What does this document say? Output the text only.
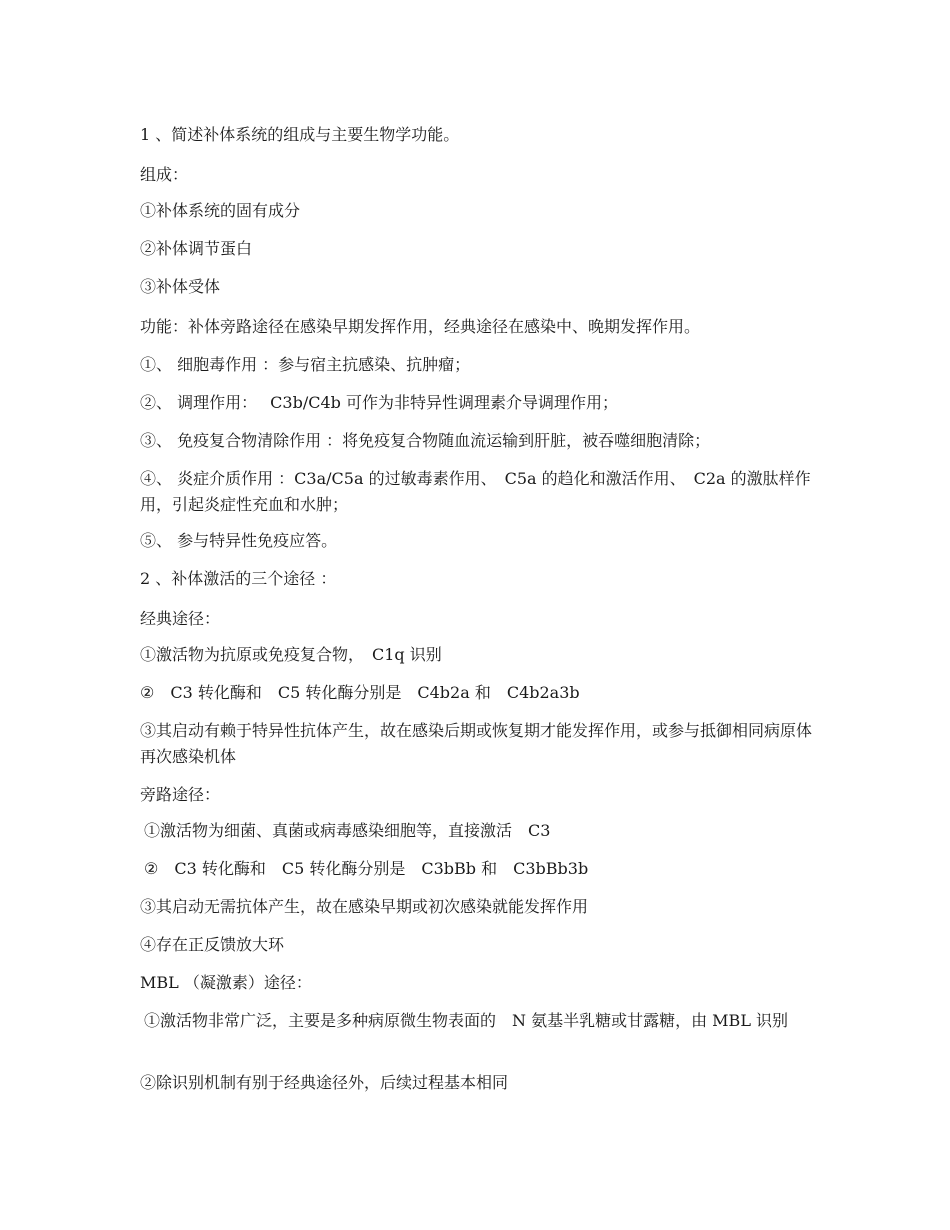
1 、简述补体系统的组成与主要生物学功能。
组成：
①补体系统的固有成分
②补体调节蛋白
③补体受体
功能：补体旁路途径在感染早期发挥作用，经典途径在感染中、晚期发挥作用。
①、 细胞毒作用 ：参与宿主抗感染、抗肿瘤；
②、 调理作用：　 C3b/C4b 可作为非特异性调理素介导调理作用；
③、 免疫复合物清除作用 ：将免疫复合物随血流运输到肝脏，被吞噬细胞清除；
④、 炎症介质作用 ：C3a/C5a 的过敏毒素作用、　C5a 的趋化和激活作用、　C2a 的激肽样作用，引起炎症性充血和水肿；
⑤、 参与特异性免疫应答。
2 、补体激活的三个途径 ：
经典途径：
①激活物为抗原或免疫复合物，　C1q 识别
②　C3 转化酶和　C5 转化酶分别是　C4b2a 和　C4b2a3b
③其启动有赖于特异性抗体产生，故在感染后期或恢复期才能发挥作用，或参与抵御相同病原体再次感染机体
旁路途径：
①激活物为细菌、真菌或病毒感染细胞等，直接激活　C3
②　C3 转化酶和　C5 转化酶分别是　C3bBb 和　C3bBb3b
③其启动无需抗体产生，故在感染早期或初次感染就能发挥作用
④存在正反馈放大环
MBL （凝激素）途径：
①激活物非常广泛，主要是多种病原微生物表面的　N 氨基半乳糖或甘露糖，由 MBL 识别
②除识别机制有别于经典途径外，后续过程基本相同
